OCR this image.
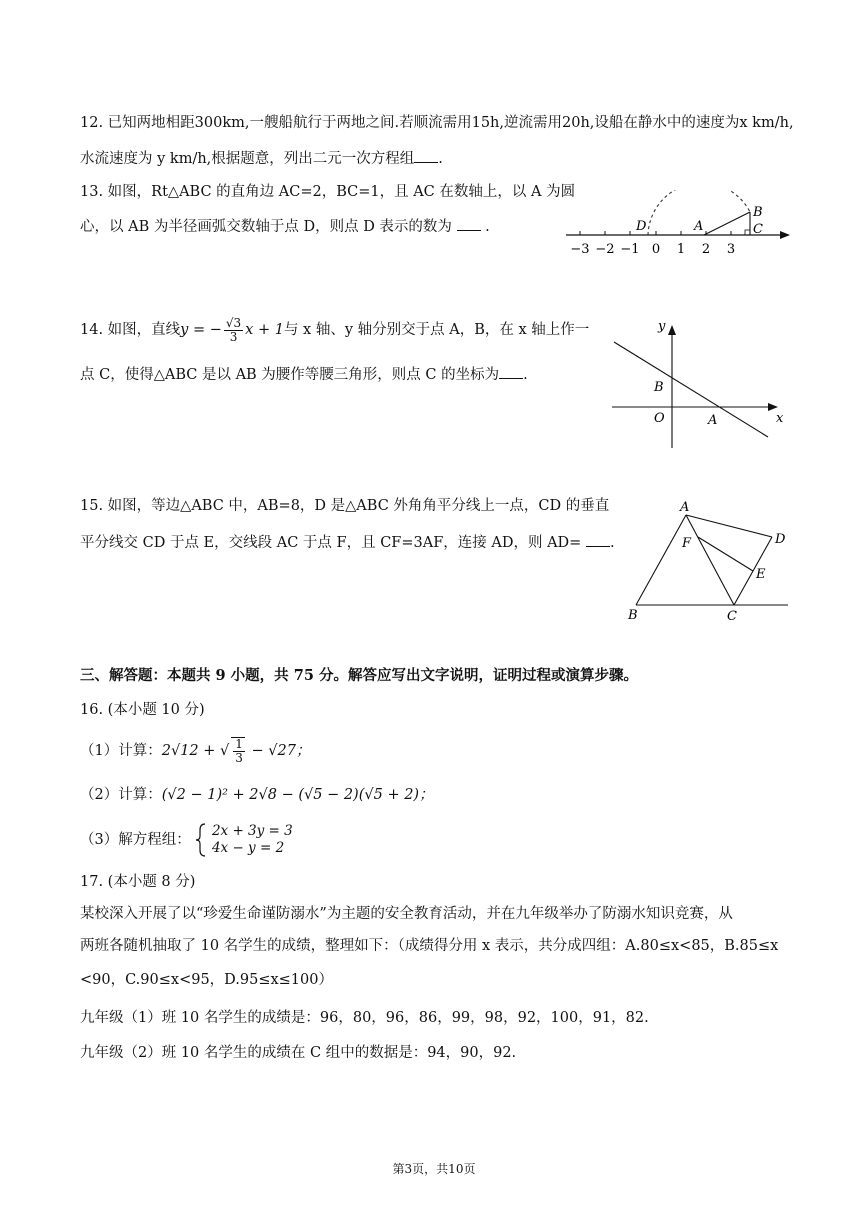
12. 已知两地相距300km,一艘船航行于两地之间.若顺流需用15h,逆流需用20h,设船在静水中的速度为x km/h,
水流速度为 y km/h,根据题意，列出二元一次方程组 .
13. 如图，Rt△ABC 的直角边 AC=2，BC=1，且 AC 在数轴上，以 A 为圆
心，以 AB 为半径画弧交数轴于点 D，则点 D 表示的数为  .
−3 −2 −1 0 1 2 3
D	A
B
C
14. 如图，直线y = − $\frac{√3}{3}$ x + 1与 x 轴、y 轴分别交于点 A，B，在 x 轴上作一
点 C，使得△ABC 是以 AB 为腰作等腰三角形，则点 C 的坐标为 .
y
x
B
O	A
15. 如图，等边△ABC 中，AB=8，D 是△ABC 外角角平分线上一点，CD 的垂直
平分线交 CD 于点 E，交线段 AC 于点 F，且 CF=3AF，连接 AD，则 AD= .
A
D
F
E
B	C
三、解答题：本题共 9 小题，共 75 分。解答应写出文字说明，证明过程或演算步骤。
16. (本小题 10 分)
（1）计算：2√12 + √ $\frac{1}{3} - √27$；
（2）计算：(√2 − 1)² + 2√8 − (√5 − 2)(√5 + 2)；
（3）解方程组：  2x + 3y = 3
4x − y = 2
17. (本小题 8 分)
某校深入开展了以“珍爱生命谨防溺水”为主题的安全教育活动，并在九年级举办了防溺水知识竞赛，从
两班各随机抽取了 10 名学生的成绩，整理如下：（成绩得分用 x 表示，共分成四组：A.80≤x<85，B.85≤x
<90，C.90≤x<95，D.95≤x≤100）
九年级（1）班 10 名学生的成绩是：96，80，96，86，99，98，92，100，91，82.
九年级（2）班 10 名学生的成绩在 C 组中的数据是：94，90，92.
第3页，共10页
